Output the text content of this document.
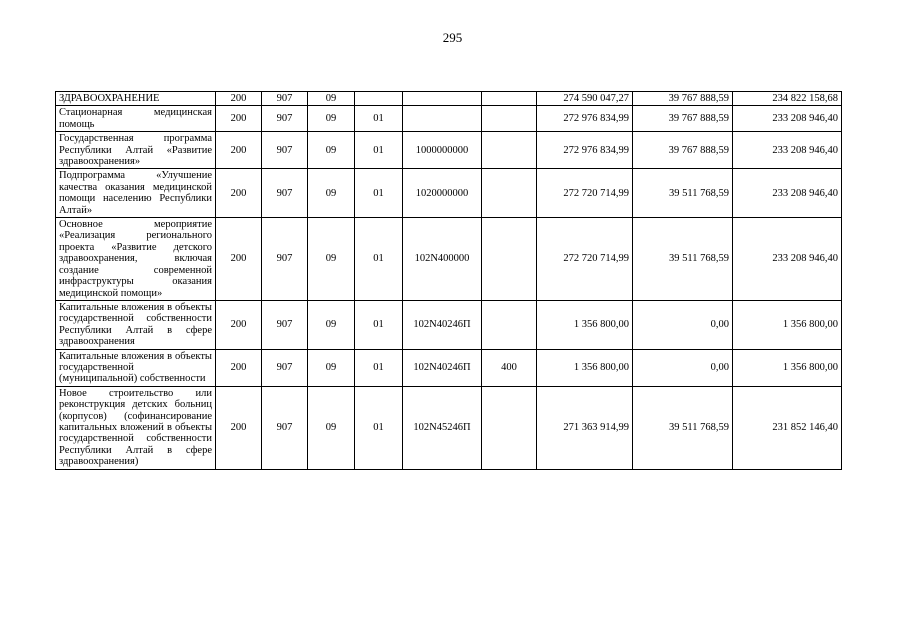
295
ЗДРАВООХРАНЕНИЕ	200	907	09				274 590 047,27	39 767 888,59	234 822 158,68
Стационарная медицинская помощь	200	907	09	01			272 976 834,99	39 767 888,59	233 208 946,40
Государственная программа Республики Алтай «Развитие здравоохранения»	200	907	09	01	1000000000		272 976 834,99	39 767 888,59	233 208 946,40
Подпрограмма «Улучшение качества оказания медицинской помощи населению Республики Алтай»	200	907	09	01	1020000000		272 720 714,99	39 511 768,59	233 208 946,40
Основное мероприятие «Реализация регионального проекта «Развитие детского здравоохранения, включая создание современной инфраструктуры оказания медицинской помощи»	200	907	09	01	102N400000		272 720 714,99	39 511 768,59	233 208 946,40
Капитальные вложения в объекты государственной собственности Республики Алтай в сфере здравоохранения	200	907	09	01	102N40246П		1 356 800,00	0,00	1 356 800,00
Капитальные вложения в объекты государственной (муниципальной) собственности	200	907	09	01	102N40246П	400	1 356 800,00	0,00	1 356 800,00
Новое строительство или реконструкция детских больниц (корпусов) (софинансирование капитальных вложений в объекты государственной собственности Республики Алтай в сфере здравоохранения)	200	907	09	01	102N45246П		271 363 914,99	39 511 768,59	231 852 146,40
